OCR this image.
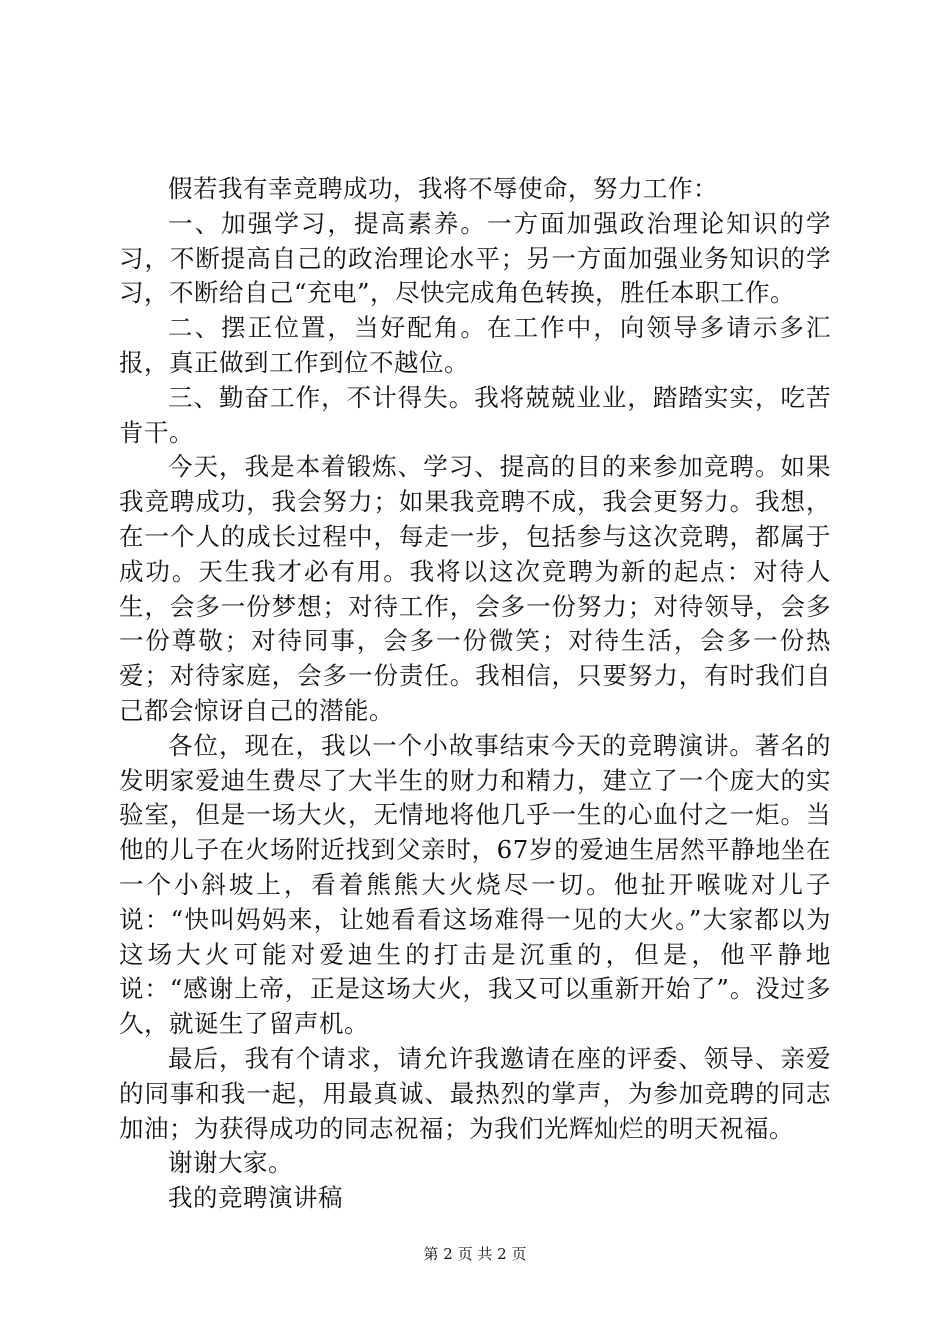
假若我有幸竞聘成功，我将不辱使命，努力工作：

一、加强学习，提高素养。一方面加强政治理论知识的学习，不断提高自己的政治理论水平；另一方面加强业务知识的学习，不断给自己“充电”，尽快完成角色转换，胜任本职工作。

二、摆正位置，当好配角。在工作中，向领导多请示多汇报，真正做到工作到位不越位。

三、勤奋工作，不计得失。我将兢兢业业，踏踏实实，吃苦肯干。

今天，我是本着锻炼、学习、提高的目的来参加竞聘。如果我竞聘成功，我会努力；如果我竞聘不成，我会更努力。我想，在一个人的成长过程中，每走一步，包括参与这次竞聘，都属于成功。天生我才必有用。我将以这次竞聘为新的起点：对待人生，会多一份梦想；对待工作，会多一份努力；对待领导，会多一份尊敬；对待同事，会多一份微笑；对待生活，会多一份热爱；对待家庭，会多一份责任。我相信，只要努力，有时我们自己都会惊讶自己的潜能。

各位，现在，我以一个小故事结束今天的竞聘演讲。著名的发明家爱迪生费尽了大半生的财力和精力，建立了一个庞大的实验室，但是一场大火，无情地将他几乎一生的心血付之一炬。当他的儿子在火场附近找到父亲时，67岁的爱迪生居然平静地坐在一个小斜坡上，看着熊熊大火烧尽一切。他扯开喉咙对儿子说：“快叫妈妈来，让她看看这场难得一见的大火。”大家都以为这场大火可能对爱迪生的打击是沉重的，但是，他平静地说：“感谢上帝，正是这场大火，我又可以重新开始了”。没过多久，就诞生了留声机。

最后，我有个请求，请允许我邀请在座的评委、领导、亲爱的同事和我一起，用最真诚、最热烈的掌声，为参加竞聘的同志加油；为获得成功的同志祝福；为我们光辉灿烂的明天祝福。

谢谢大家。

我的竞聘演讲稿

第 2 页 共 2 页
